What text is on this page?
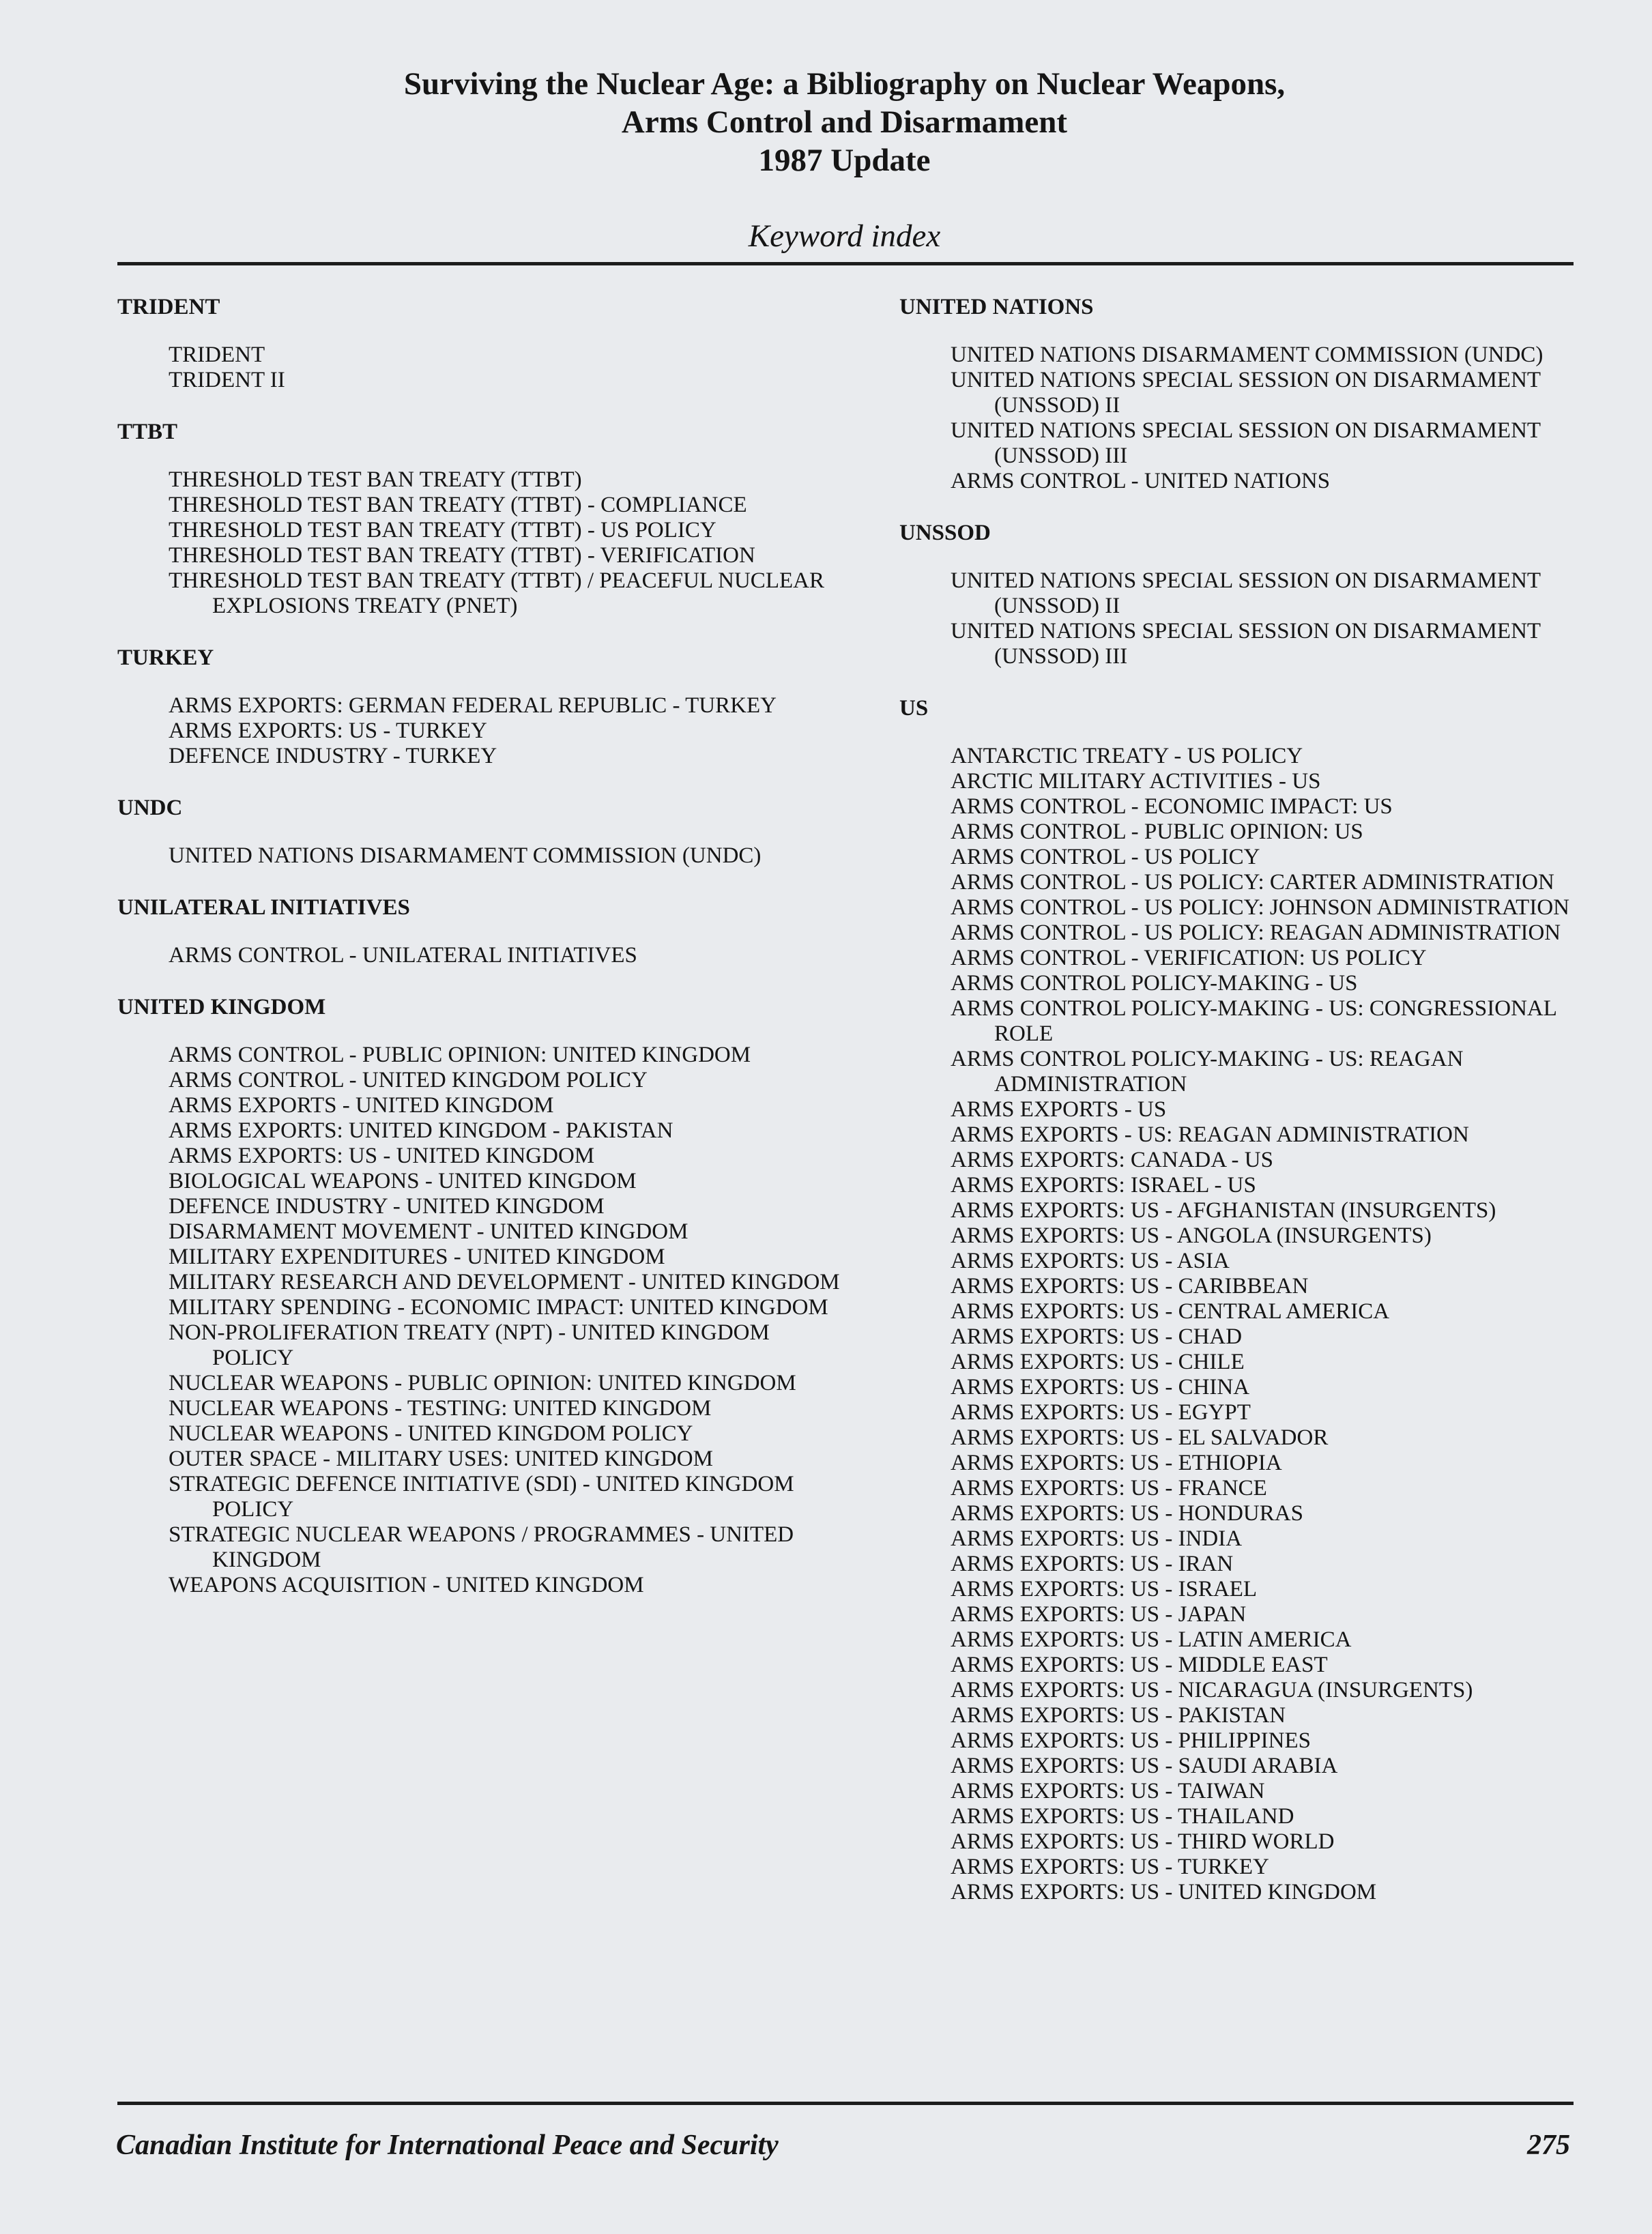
Surviving the Nuclear Age: a Bibliography on Nuclear Weapons,
Arms Control and Disarmament
1987 Update
Keyword index
TRIDENT
TRIDENT
TRIDENT II
TTBT
THRESHOLD TEST BAN TREATY (TTBT)
THRESHOLD TEST BAN TREATY (TTBT) - COMPLIANCE
THRESHOLD TEST BAN TREATY (TTBT) - US POLICY
THRESHOLD TEST BAN TREATY (TTBT) - VERIFICATION
THRESHOLD TEST BAN TREATY (TTBT) / PEACEFUL NUCLEAR EXPLOSIONS TREATY (PNET)
TURKEY
ARMS EXPORTS: GERMAN FEDERAL REPUBLIC - TURKEY
ARMS EXPORTS: US - TURKEY
DEFENCE INDUSTRY - TURKEY
UNDC
UNITED NATIONS DISARMAMENT COMMISSION (UNDC)
UNILATERAL INITIATIVES
ARMS CONTROL - UNILATERAL INITIATIVES
UNITED KINGDOM
ARMS CONTROL - PUBLIC OPINION: UNITED KINGDOM
ARMS CONTROL - UNITED KINGDOM POLICY
ARMS EXPORTS - UNITED KINGDOM
ARMS EXPORTS: UNITED KINGDOM - PAKISTAN
ARMS EXPORTS: US - UNITED KINGDOM
BIOLOGICAL WEAPONS - UNITED KINGDOM
DEFENCE INDUSTRY - UNITED KINGDOM
DISARMAMENT MOVEMENT - UNITED KINGDOM
MILITARY EXPENDITURES - UNITED KINGDOM
MILITARY RESEARCH AND DEVELOPMENT - UNITED KINGDOM
MILITARY SPENDING - ECONOMIC IMPACT: UNITED KINGDOM
NON-PROLIFERATION TREATY (NPT) - UNITED KINGDOM POLICY
NUCLEAR WEAPONS - PUBLIC OPINION: UNITED KINGDOM
NUCLEAR WEAPONS - TESTING: UNITED KINGDOM
NUCLEAR WEAPONS - UNITED KINGDOM POLICY
OUTER SPACE - MILITARY USES: UNITED KINGDOM
STRATEGIC DEFENCE INITIATIVE (SDI) - UNITED KINGDOM POLICY
STRATEGIC NUCLEAR WEAPONS / PROGRAMMES - UNITED KINGDOM
WEAPONS ACQUISITION - UNITED KINGDOM
UNITED NATIONS
UNITED NATIONS DISARMAMENT COMMISSION (UNDC)
UNITED NATIONS SPECIAL SESSION ON DISARMAMENT (UNSSOD) II
UNITED NATIONS SPECIAL SESSION ON DISARMAMENT (UNSSOD) III
ARMS CONTROL - UNITED NATIONS
UNSSOD
UNITED NATIONS SPECIAL SESSION ON DISARMAMENT (UNSSOD) II
UNITED NATIONS SPECIAL SESSION ON DISARMAMENT (UNSSOD) III
US
ANTARCTIC TREATY - US POLICY
ARCTIC MILITARY ACTIVITIES - US
ARMS CONTROL - ECONOMIC IMPACT: US
ARMS CONTROL - PUBLIC OPINION: US
ARMS CONTROL - US POLICY
ARMS CONTROL - US POLICY: CARTER ADMINISTRATION
ARMS CONTROL - US POLICY: JOHNSON ADMINISTRATION
ARMS CONTROL - US POLICY: REAGAN ADMINISTRATION
ARMS CONTROL - VERIFICATION: US POLICY
ARMS CONTROL POLICY-MAKING - US
ARMS CONTROL POLICY-MAKING - US: CONGRESSIONAL ROLE
ARMS CONTROL POLICY-MAKING - US: REAGAN ADMINISTRATION
ARMS EXPORTS - US
ARMS EXPORTS - US: REAGAN ADMINISTRATION
ARMS EXPORTS: CANADA - US
ARMS EXPORTS: ISRAEL - US
ARMS EXPORTS: US - AFGHANISTAN (INSURGENTS)
ARMS EXPORTS: US - ANGOLA (INSURGENTS)
ARMS EXPORTS: US - ASIA
ARMS EXPORTS: US - CARIBBEAN
ARMS EXPORTS: US - CENTRAL AMERICA
ARMS EXPORTS: US - CHAD
ARMS EXPORTS: US - CHILE
ARMS EXPORTS: US - CHINA
ARMS EXPORTS: US - EGYPT
ARMS EXPORTS: US - EL SALVADOR
ARMS EXPORTS: US - ETHIOPIA
ARMS EXPORTS: US - FRANCE
ARMS EXPORTS: US - HONDURAS
ARMS EXPORTS: US - INDIA
ARMS EXPORTS: US - IRAN
ARMS EXPORTS: US - ISRAEL
ARMS EXPORTS: US - JAPAN
ARMS EXPORTS: US - LATIN AMERICA
ARMS EXPORTS: US - MIDDLE EAST
ARMS EXPORTS: US - NICARAGUA (INSURGENTS)
ARMS EXPORTS: US - PAKISTAN
ARMS EXPORTS: US - PHILIPPINES
ARMS EXPORTS: US - SAUDI ARABIA
ARMS EXPORTS: US - TAIWAN
ARMS EXPORTS: US - THAILAND
ARMS EXPORTS: US - THIRD WORLD
ARMS EXPORTS: US - TURKEY
ARMS EXPORTS: US - UNITED KINGDOM
Canadian Institute for International Peace and Security	275
